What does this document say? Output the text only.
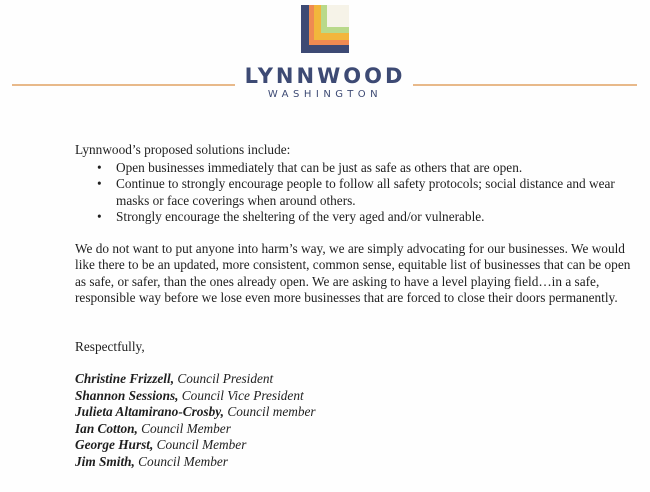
LYNNWOOD
WASHINGTON

Lynnwood’s proposed solutions include:

• Open businesses immediately that can be just as safe as others that are open.
• Continue to strongly encourage people to follow all safety protocols; social distance and wear masks or face coverings when around others.
• Strongly encourage the sheltering of the very aged and/or vulnerable.

We do not want to put anyone into harm’s way, we are simply advocating for our businesses. We would like there to be an updated, more consistent, common sense, equitable list of businesses that can be open as safe, or safer, than the ones already open. We are asking to have a level playing field…in a safe, responsible way before we lose even more businesses that are forced to close their doors permanently.

Respectfully,

Christine Frizzell, Council President
Shannon Sessions, Council Vice President
Julieta Altamirano-Crosby, Council member
Ian Cotton, Council Member
George Hurst, Council Member
Jim Smith, Council Member
